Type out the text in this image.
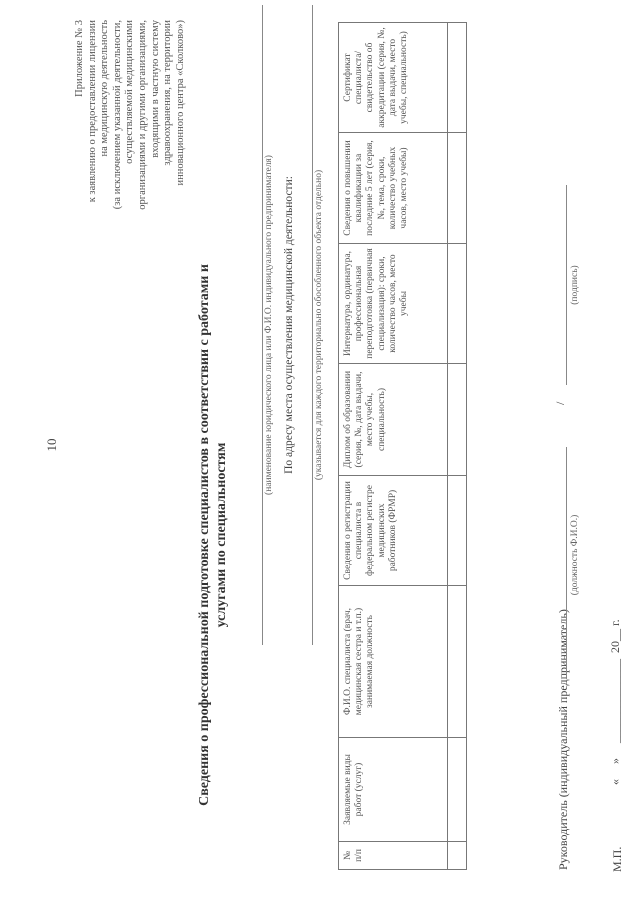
10
Приложение № 3 к заявлению о предоставлении лицензии на медицинскую деятельность (за исключением указанной деятельности, осуществляемой медицинскими организациями и другими организациями, входящими в частную систему здравоохранения, на территории инновационного центра «Сколково»)
Сведения о профессиональной подготовке специалистов в соответствии с работами и услугами по специальностям
(наименование юридического лица или Ф.И.О. индивидуального предпринимателя) По адресу места осуществления медицинской деятельности: (указывается для каждого территориально обособленного объекта отдельно)
№ п/п	Заявляемые виды работ (услуг)	Ф.И.О. специалиста (врач, медицинская сестра и т.п.) занимаемая должность	Сведения о регистрации специалиста в федеральном регистре медицинских работников (ФРМР)	Диплом об образовании (серия, №, дата выдачи, место учебы, специальность)	Интернатура, ординатура, профессиональная переподготовка (первичная специализация): сроки, количество часов, место учебы	Сведения о повышении квалификации за последние 5 лет (серия, №, тема, сроки, количество учебных часов, место учебы)	Сертификат специалиста/ свидетельство об аккредитации (серия, №, дата выдачи, место учебы, специальность)

Руководитель (индивидуальный предприниматель)
/
(должность Ф.И.О.)
(подпись)
«     »     ______________  20__ г.
М.П.
